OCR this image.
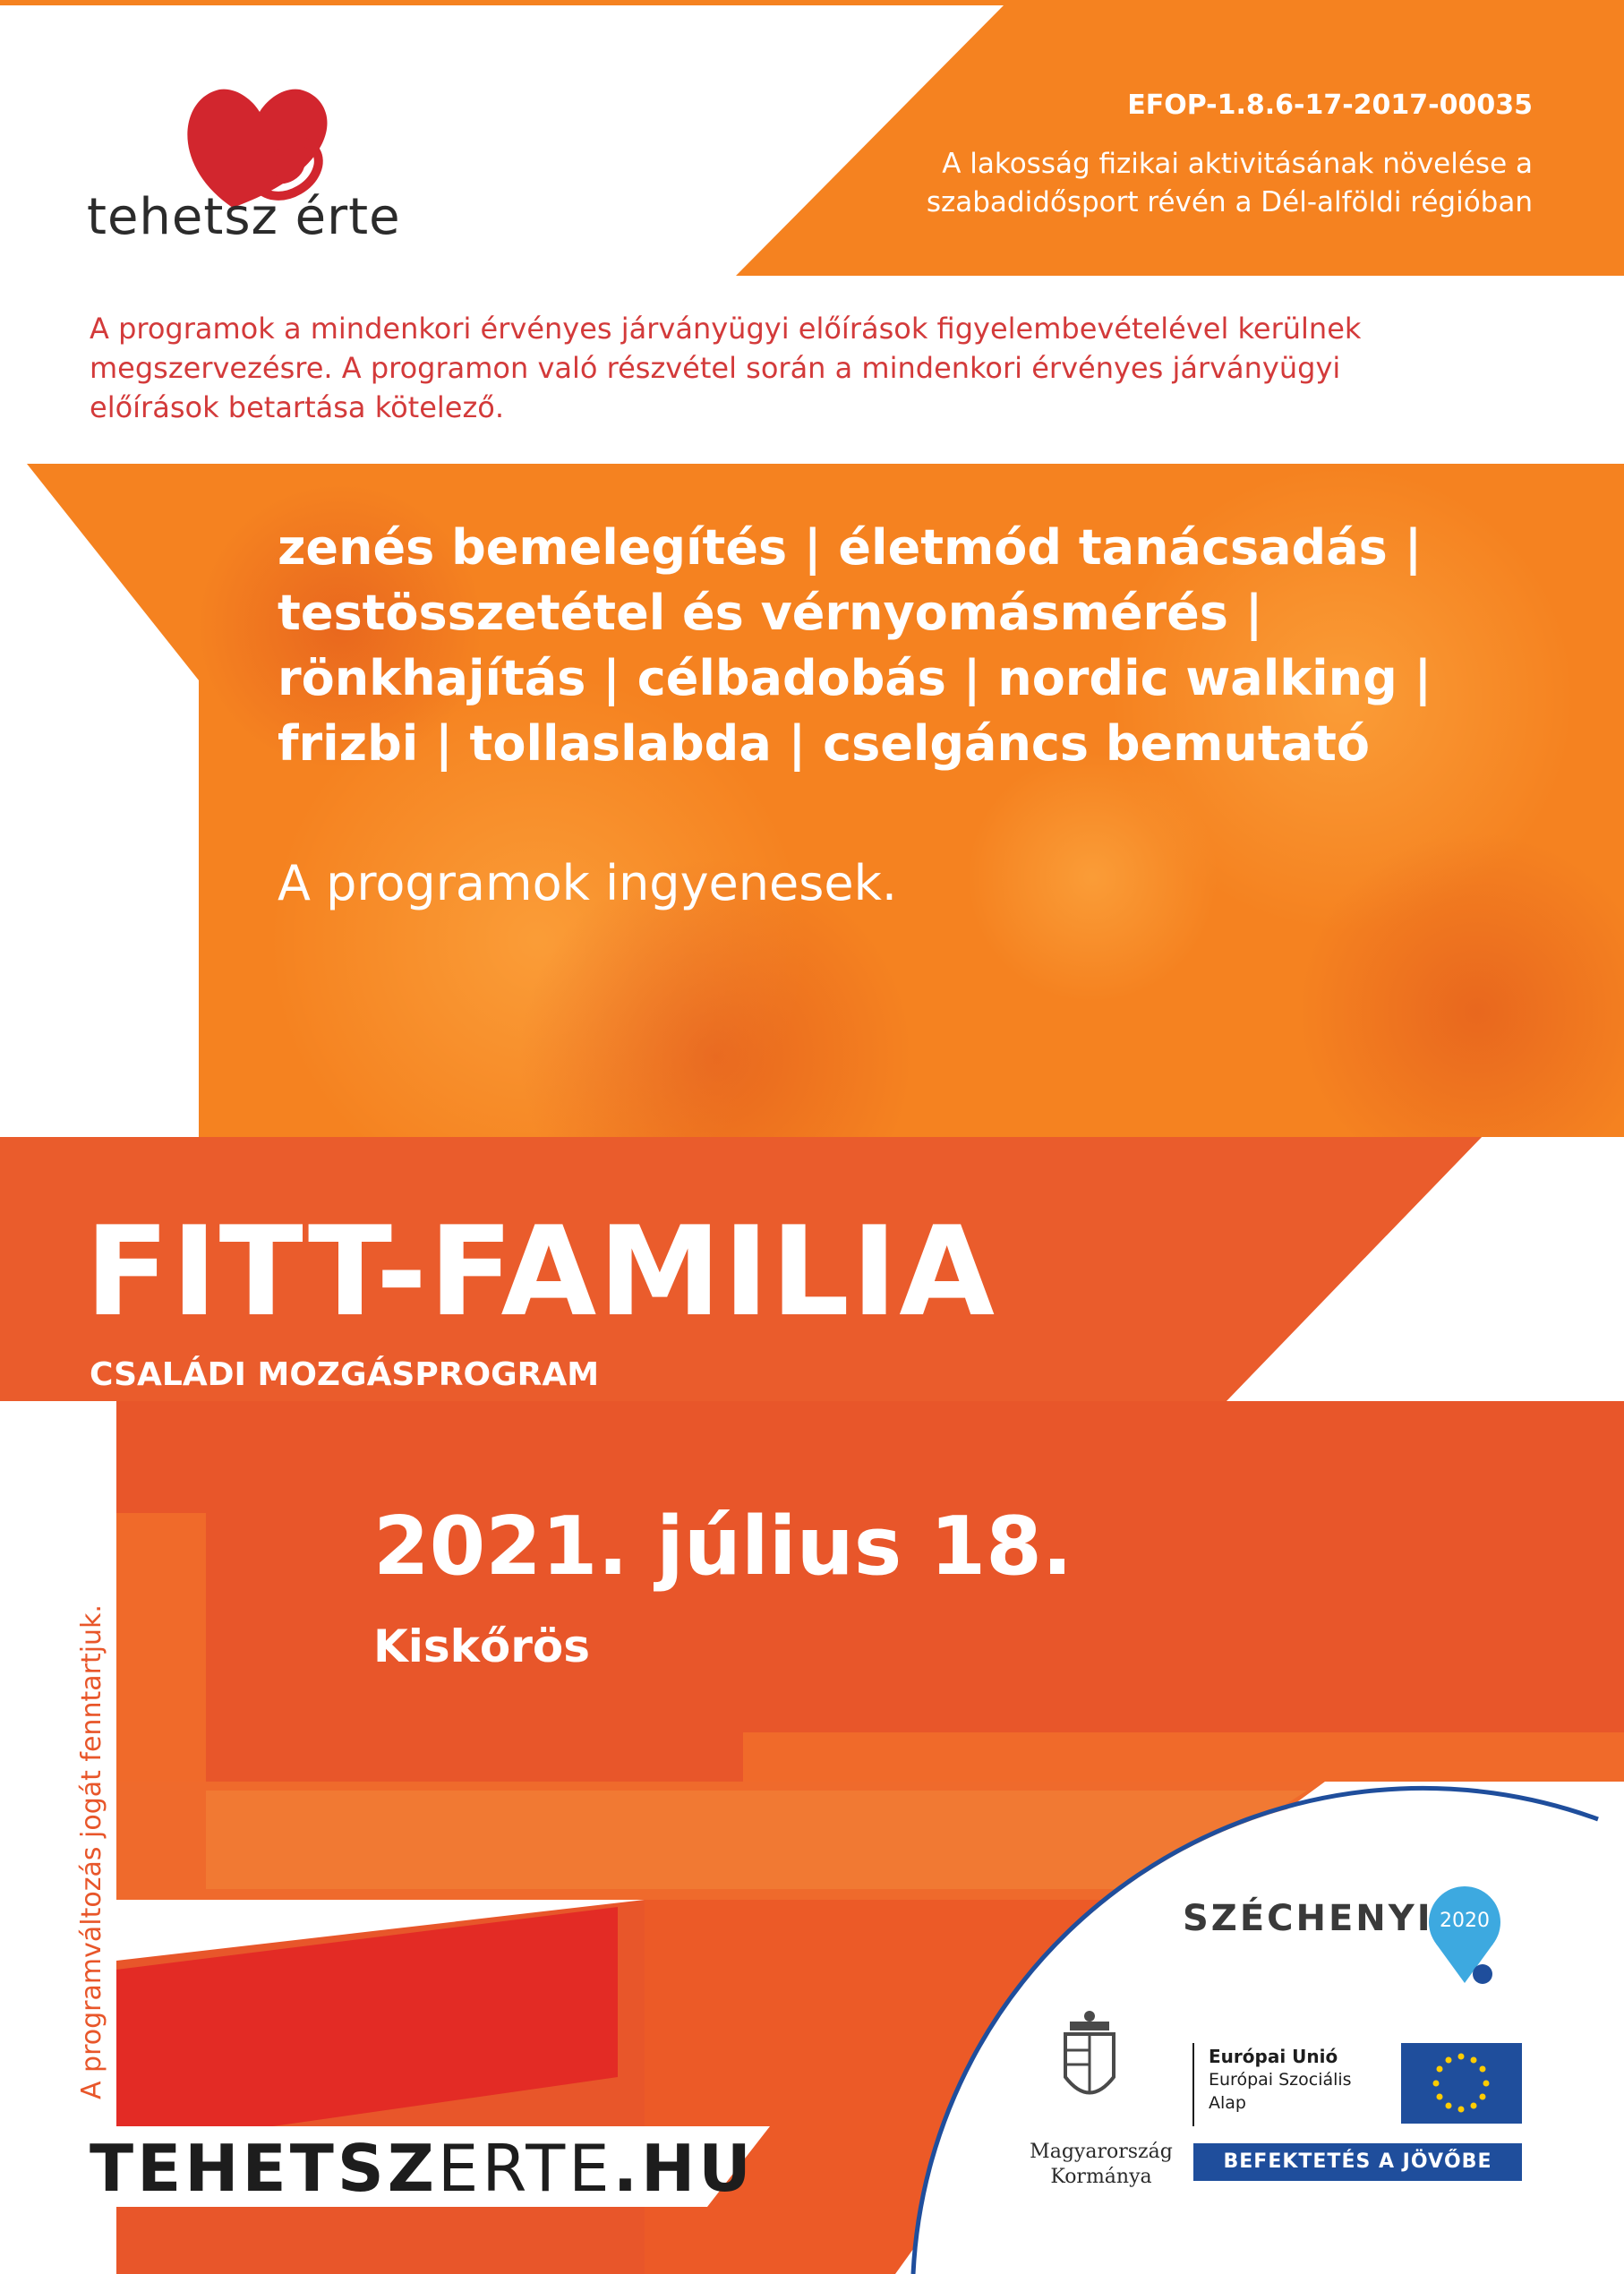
tehetsz érte
EFOP-1.8.6-17-2017-00035
A lakosság fizikai aktivitásának növelése a szabadidősport révén a Dél-alföldi régióban
A programok a mindenkori érvényes járványügyi előírások figyelembevételével kerülnek megszervezésre. A programon való részvétel során a mindenkori érvényes járványügyi előírások betartása kötelező.
zenés bemelegítés | életmód tanácsadás | testösszetétel és vérnyomásmérés | rönkhajítás | célbadobás | nordic walking | frizbi | tollaslabda | cselgáncs bemutató
A programok ingyenesek.
FITT-FAMILIA
CSALÁDI MOZGÁSPROGRAM
2021. július 18.
Kiskőrös
A programváltozás jogát fenntartjuk.
TEHETSZERTE.HU
SZÉCHENYI 2020
Magyarország
Kormánya
Európai Unió
Európai Szociális
Alap
BEFEKTETÉS A JÖVŐBE
